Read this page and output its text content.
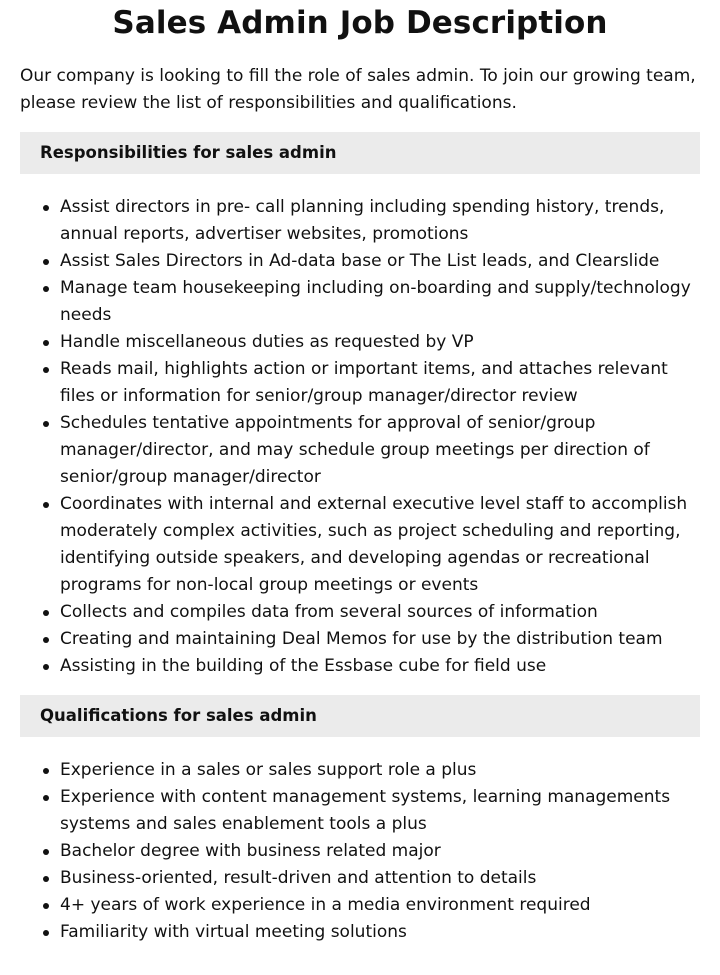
Sales Admin Job Description

Our company is looking to fill the role of sales admin. To join our growing team, please review the list of responsibilities and qualifications.

Responsibilities for sales admin
Assist directors in pre- call planning including spending history, trends, annual reports, advertiser websites, promotions
Assist Sales Directors in Ad-data base or The List leads, and Clearslide
Manage team housekeeping including on-boarding and supply/technology needs
Handle miscellaneous duties as requested by VP
Reads mail, highlights action or important items, and attaches relevant files or information for senior/group manager/director review
Schedules tentative appointments for approval of senior/group manager/director, and may schedule group meetings per direction of senior/group manager/director
Coordinates with internal and external executive level staff to accomplish moderately complex activities, such as project scheduling and reporting, identifying outside speakers, and developing agendas or recreational programs for non-local group meetings or events
Collects and compiles data from several sources of information
Creating and maintaining Deal Memos for use by the distribution team
Assisting in the building of the Essbase cube for field use
Qualifications for sales admin
Experience in a sales or sales support role a plus
Experience with content management systems, learning managements systems and sales enablement tools a plus
Bachelor degree with business related major
Business-oriented, result-driven and attention to details
4+ years of work experience in a media environment required
Familiarity with virtual meeting solutions
